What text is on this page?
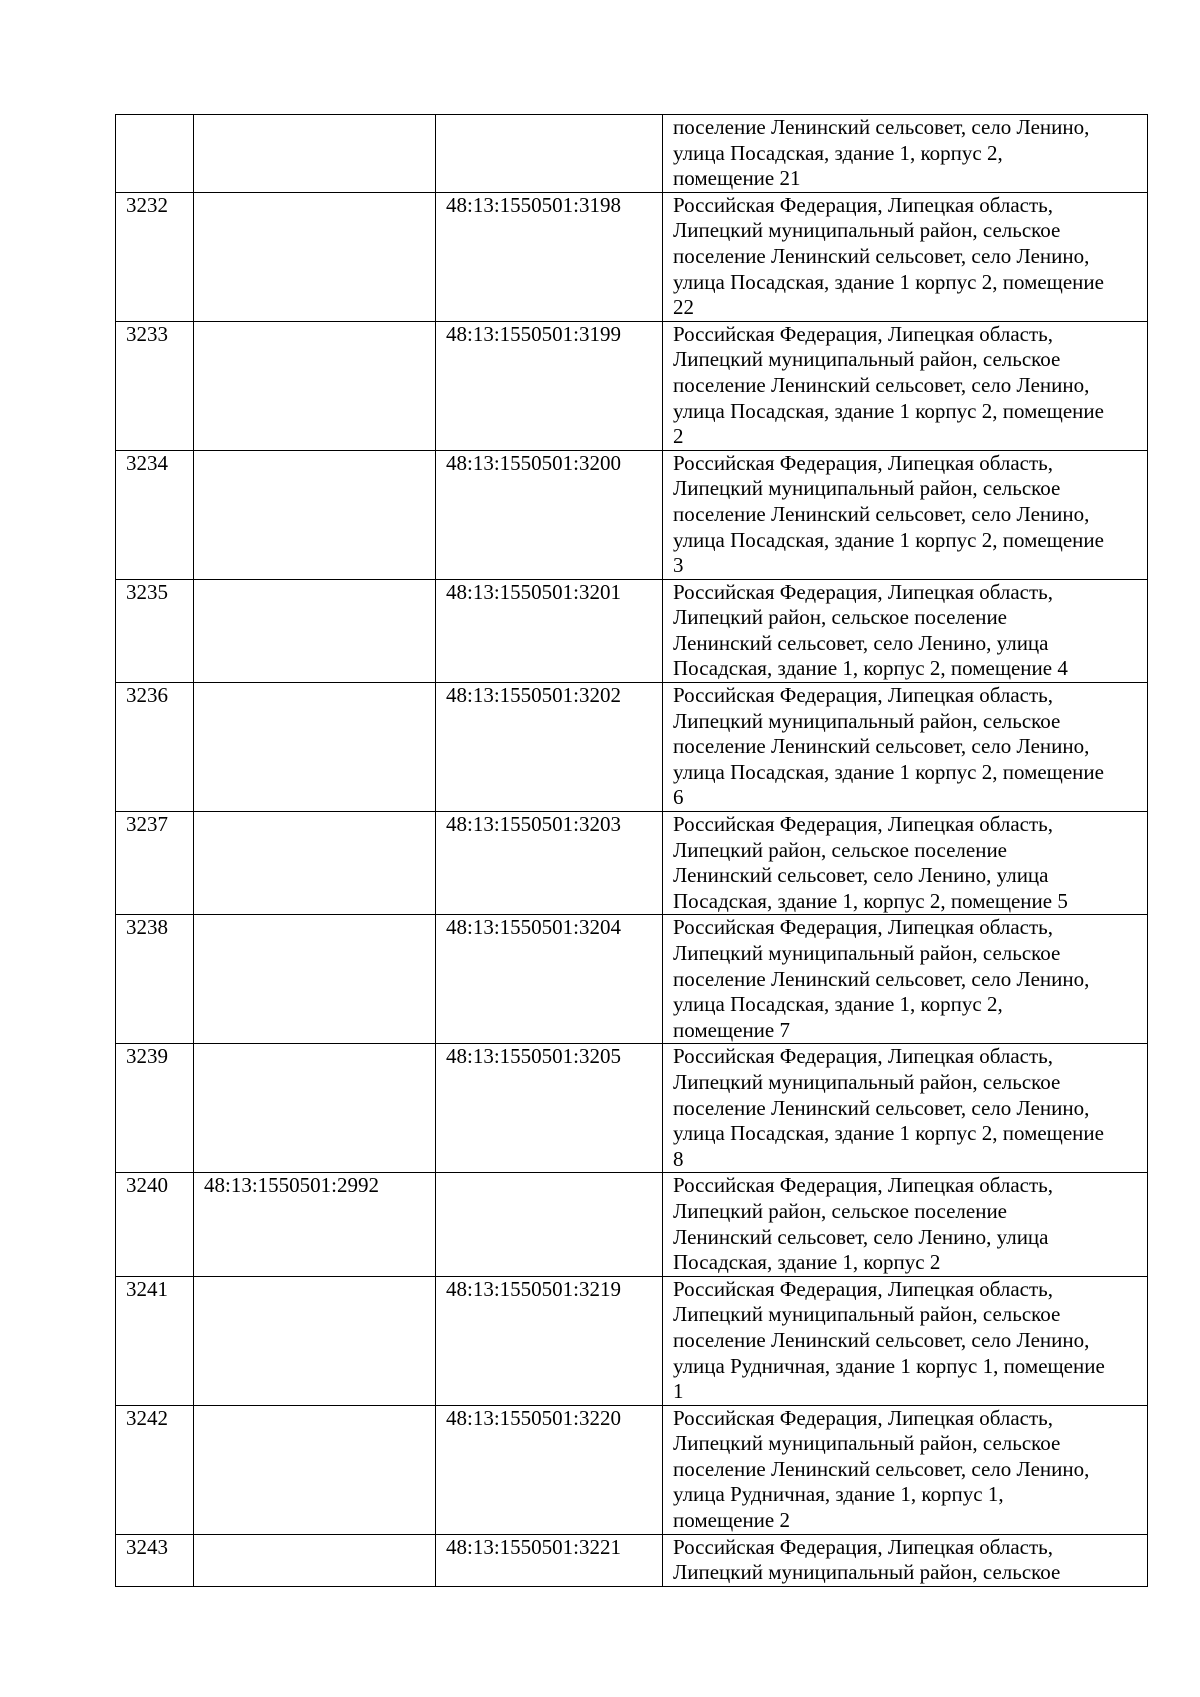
			поселение Ленинский сельсовет, село Ленино,
улица Посадская, здание 1, корпус 2,
помещение 21

3232		48:13:1550501:3198	Российская Федерация, Липецкая область,
Липецкий муниципальный район, сельское
поселение Ленинский сельсовет, село Ленино,
улица Посадская, здание 1 корпус 2, помещение
22

3233		48:13:1550501:3199	Российская Федерация, Липецкая область,
Липецкий муниципальный район, сельское
поселение Ленинский сельсовет, село Ленино,
улица Посадская, здание 1 корпус 2, помещение
2

3234		48:13:1550501:3200	Российская Федерация, Липецкая область,
Липецкий муниципальный район, сельское
поселение Ленинский сельсовет, село Ленино,
улица Посадская, здание 1 корпус 2, помещение
3

3235		48:13:1550501:3201	Российская Федерация, Липецкая область,
Липецкий район, сельское поселение
Ленинский сельсовет, село Ленино, улица
Посадская, здание 1, корпус 2, помещение 4

3236		48:13:1550501:3202	Российская Федерация, Липецкая область,
Липецкий муниципальный район, сельское
поселение Ленинский сельсовет, село Ленино,
улица Посадская, здание 1 корпус 2, помещение
6

3237		48:13:1550501:3203	Российская Федерация, Липецкая область,
Липецкий район, сельское поселение
Ленинский сельсовет, село Ленино, улица
Посадская, здание 1, корпус 2, помещение 5

3238		48:13:1550501:3204	Российская Федерация, Липецкая область,
Липецкий муниципальный район, сельское
поселение Ленинский сельсовет, село Ленино,
улица Посадская, здание 1, корпус 2,
помещение 7

3239		48:13:1550501:3205	Российская Федерация, Липецкая область,
Липецкий муниципальный район, сельское
поселение Ленинский сельсовет, село Ленино,
улица Посадская, здание 1 корпус 2, помещение
8

3240	48:13:1550501:2992		Российская Федерация, Липецкая область,
Липецкий район, сельское поселение
Ленинский сельсовет, село Ленино, улица
Посадская, здание 1, корпус 2

3241		48:13:1550501:3219	Российская Федерация, Липецкая область,
Липецкий муниципальный район, сельское
поселение Ленинский сельсовет, село Ленино,
улица Рудничная, здание 1 корпус 1, помещение
1

3242		48:13:1550501:3220	Российская Федерация, Липецкая область,
Липецкий муниципальный район, сельское
поселение Ленинский сельсовет, село Ленино,
улица Рудничная, здание 1, корпус 1,
помещение 2

3243		48:13:1550501:3221	Российская Федерация, Липецкая область,
Липецкий муниципальный район, сельское
